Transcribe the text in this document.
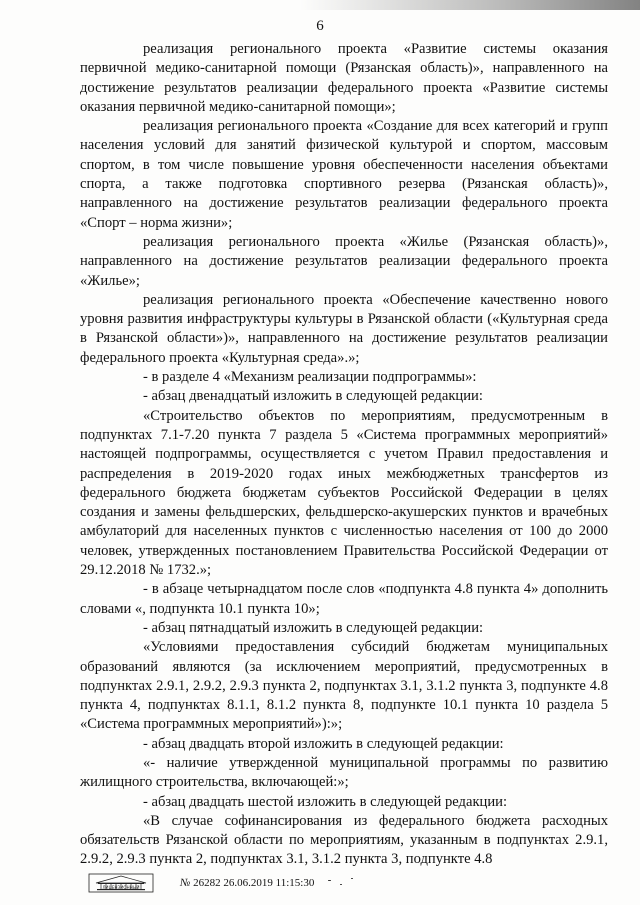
6

реализация регионального проекта «Развитие системы оказания первичной медико-санитарной помощи (Рязанская область)», направленного на достижение результатов реализации федерального проекта «Развитие системы оказания первичной медико-санитарной помощи»;

реализация регионального проекта «Создание для всех категорий и групп населения условий для занятий физической культурой и спортом, массовым спортом, в том числе повышение уровня обеспеченности населения объектами спорта, а также подготовка спортивного резерва (Рязанская область)», направленного на достижение результатов реализации федерального проекта «Спорт – норма жизни»;

реализация регионального проекта «Жилье (Рязанская область)», направленного на достижение результатов реализации федерального проекта «Жилье»;

реализация регионального проекта «Обеспечение качественно нового уровня развития инфраструктуры культуры в Рязанской области («Культурная среда в Рязанской области»)», направленного на достижение результатов реализации федерального проекта «Культурная среда».»;

- в разделе 4 «Механизм реализации подпрограммы»:

- абзац двенадцатый изложить в следующей редакции:

«Строительство объектов по мероприятиям, предусмотренным в подпунктах 7.1-7.20 пункта 7 раздела 5 «Система программных мероприятий» настоящей подпрограммы, осуществляется с учетом Правил предоставления и распределения в 2019-2020 годах иных межбюджетных трансфертов из федерального бюджета бюджетам субъектов Российской Федерации в целях создания и замены фельдшерских, фельдшерско-акушерских пунктов и врачебных амбулаторий для населенных пунктов с численностью населения от 100 до 2000 человек, утвержденных постановлением Правительства Российской Федерации от 29.12.2018 № 1732.»;

- в абзаце четырнадцатом после слов «подпункта 4.8 пункта 4» дополнить словами «, подпункта 10.1 пункта 10»;

- абзац пятнадцатый изложить в следующей редакции:

«Условиями предоставления субсидий бюджетам муниципальных образований являются (за исключением мероприятий, предусмотренных в подпунктах 2.9.1, 2.9.2, 2.9.3 пункта 2, подпунктах 3.1, 3.1.2 пункта 3, подпункте 4.8 пункта 4, подпунктах 8.1.1, 8.1.2 пункта 8, подпункте 10.1 пункта 10 раздела 5 «Система программных мероприятий»):»;

- абзац двадцать второй изложить в следующей редакции:

«- наличие утвержденной муниципальной программы по развитию жилищного строительства, включающей:»;

- абзац двадцать шестой изложить в следующей редакции:

«В случае софинансирования из федерального бюджета расходных обязательств Рязанской области по мероприятиям, указанным в подпунктах 2.9.1, 2.9.2, 2.9.3 пункта 2, подпунктах 3.1, 3.1.2 пункта 3, подпункте 4.8

ЛИЦЕНЗИОННЫЙ	№ 26282 26.06.2019 11:15:30
